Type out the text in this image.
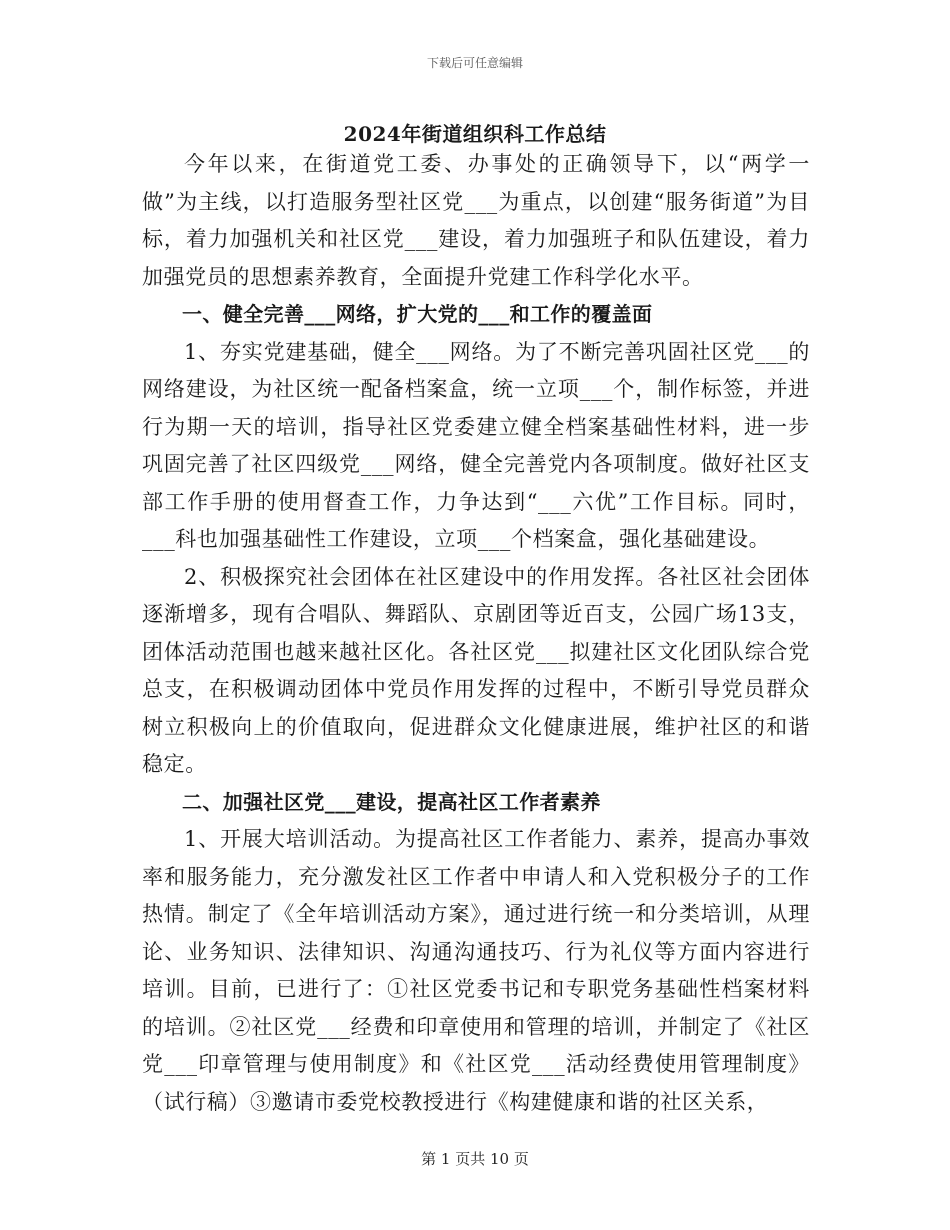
下载后可任意编辑
2024年街道组织科工作总结

今年以来，在街道党工委、办事处的正确领导下，以“两学一做”为主线，以打造服务型社区党___为重点，以创建“服务街道”为目标，着力加强机关和社区党___建设，着力加强班子和队伍建设，着力加强党员的思想素养教育，全面提升党建工作科学化水平。

一、健全完善___网络，扩大党的___和工作的覆盖面

1、夯实党建基础，健全___网络。为了不断完善巩固社区党___的网络建设，为社区统一配备档案盒，统一立项___个，制作标签，并进行为期一天的培训，指导社区党委建立健全档案基础性材料，进一步巩固完善了社区四级党___网络，健全完善党内各项制度。做好社区支部工作手册的使用督查工作，力争达到“___六优”工作目标。同时，___科也加强基础性工作建设，立项___个档案盒，强化基础建设。

2、积极探究社会团体在社区建设中的作用发挥。各社区社会团体逐渐增多，现有合唱队、舞蹈队、京剧团等近百支，公园广场13支，团体活动范围也越来越社区化。各社区党___拟建社区文化团队综合党总支，在积极调动团体中党员作用发挥的过程中，不断引导党员群众树立积极向上的价值取向，促进群众文化健康进展，维护社区的和谐稳定。

二、加强社区党___建设，提高社区工作者素养

1、开展大培训活动。为提高社区工作者能力、素养，提高办事效率和服务能力，充分激发社区工作者中申请人和入党积极分子的工作热情。制定了《全年培训活动方案》，通过进行统一和分类培训，从理论、业务知识、法律知识、沟通沟通技巧、行为礼仪等方面内容进行培训。目前，已进行了：①社区党委书记和专职党务基础性档案材料的培训。②社区党___经费和印章使用和管理的培训，并制定了《社区党___印章管理与使用制度》和《社区党___活动经费使用管理制度》（试行稿）③邀请市委党校教授进行《构建健康和谐的社区关系，

第 1 页共 10 页
